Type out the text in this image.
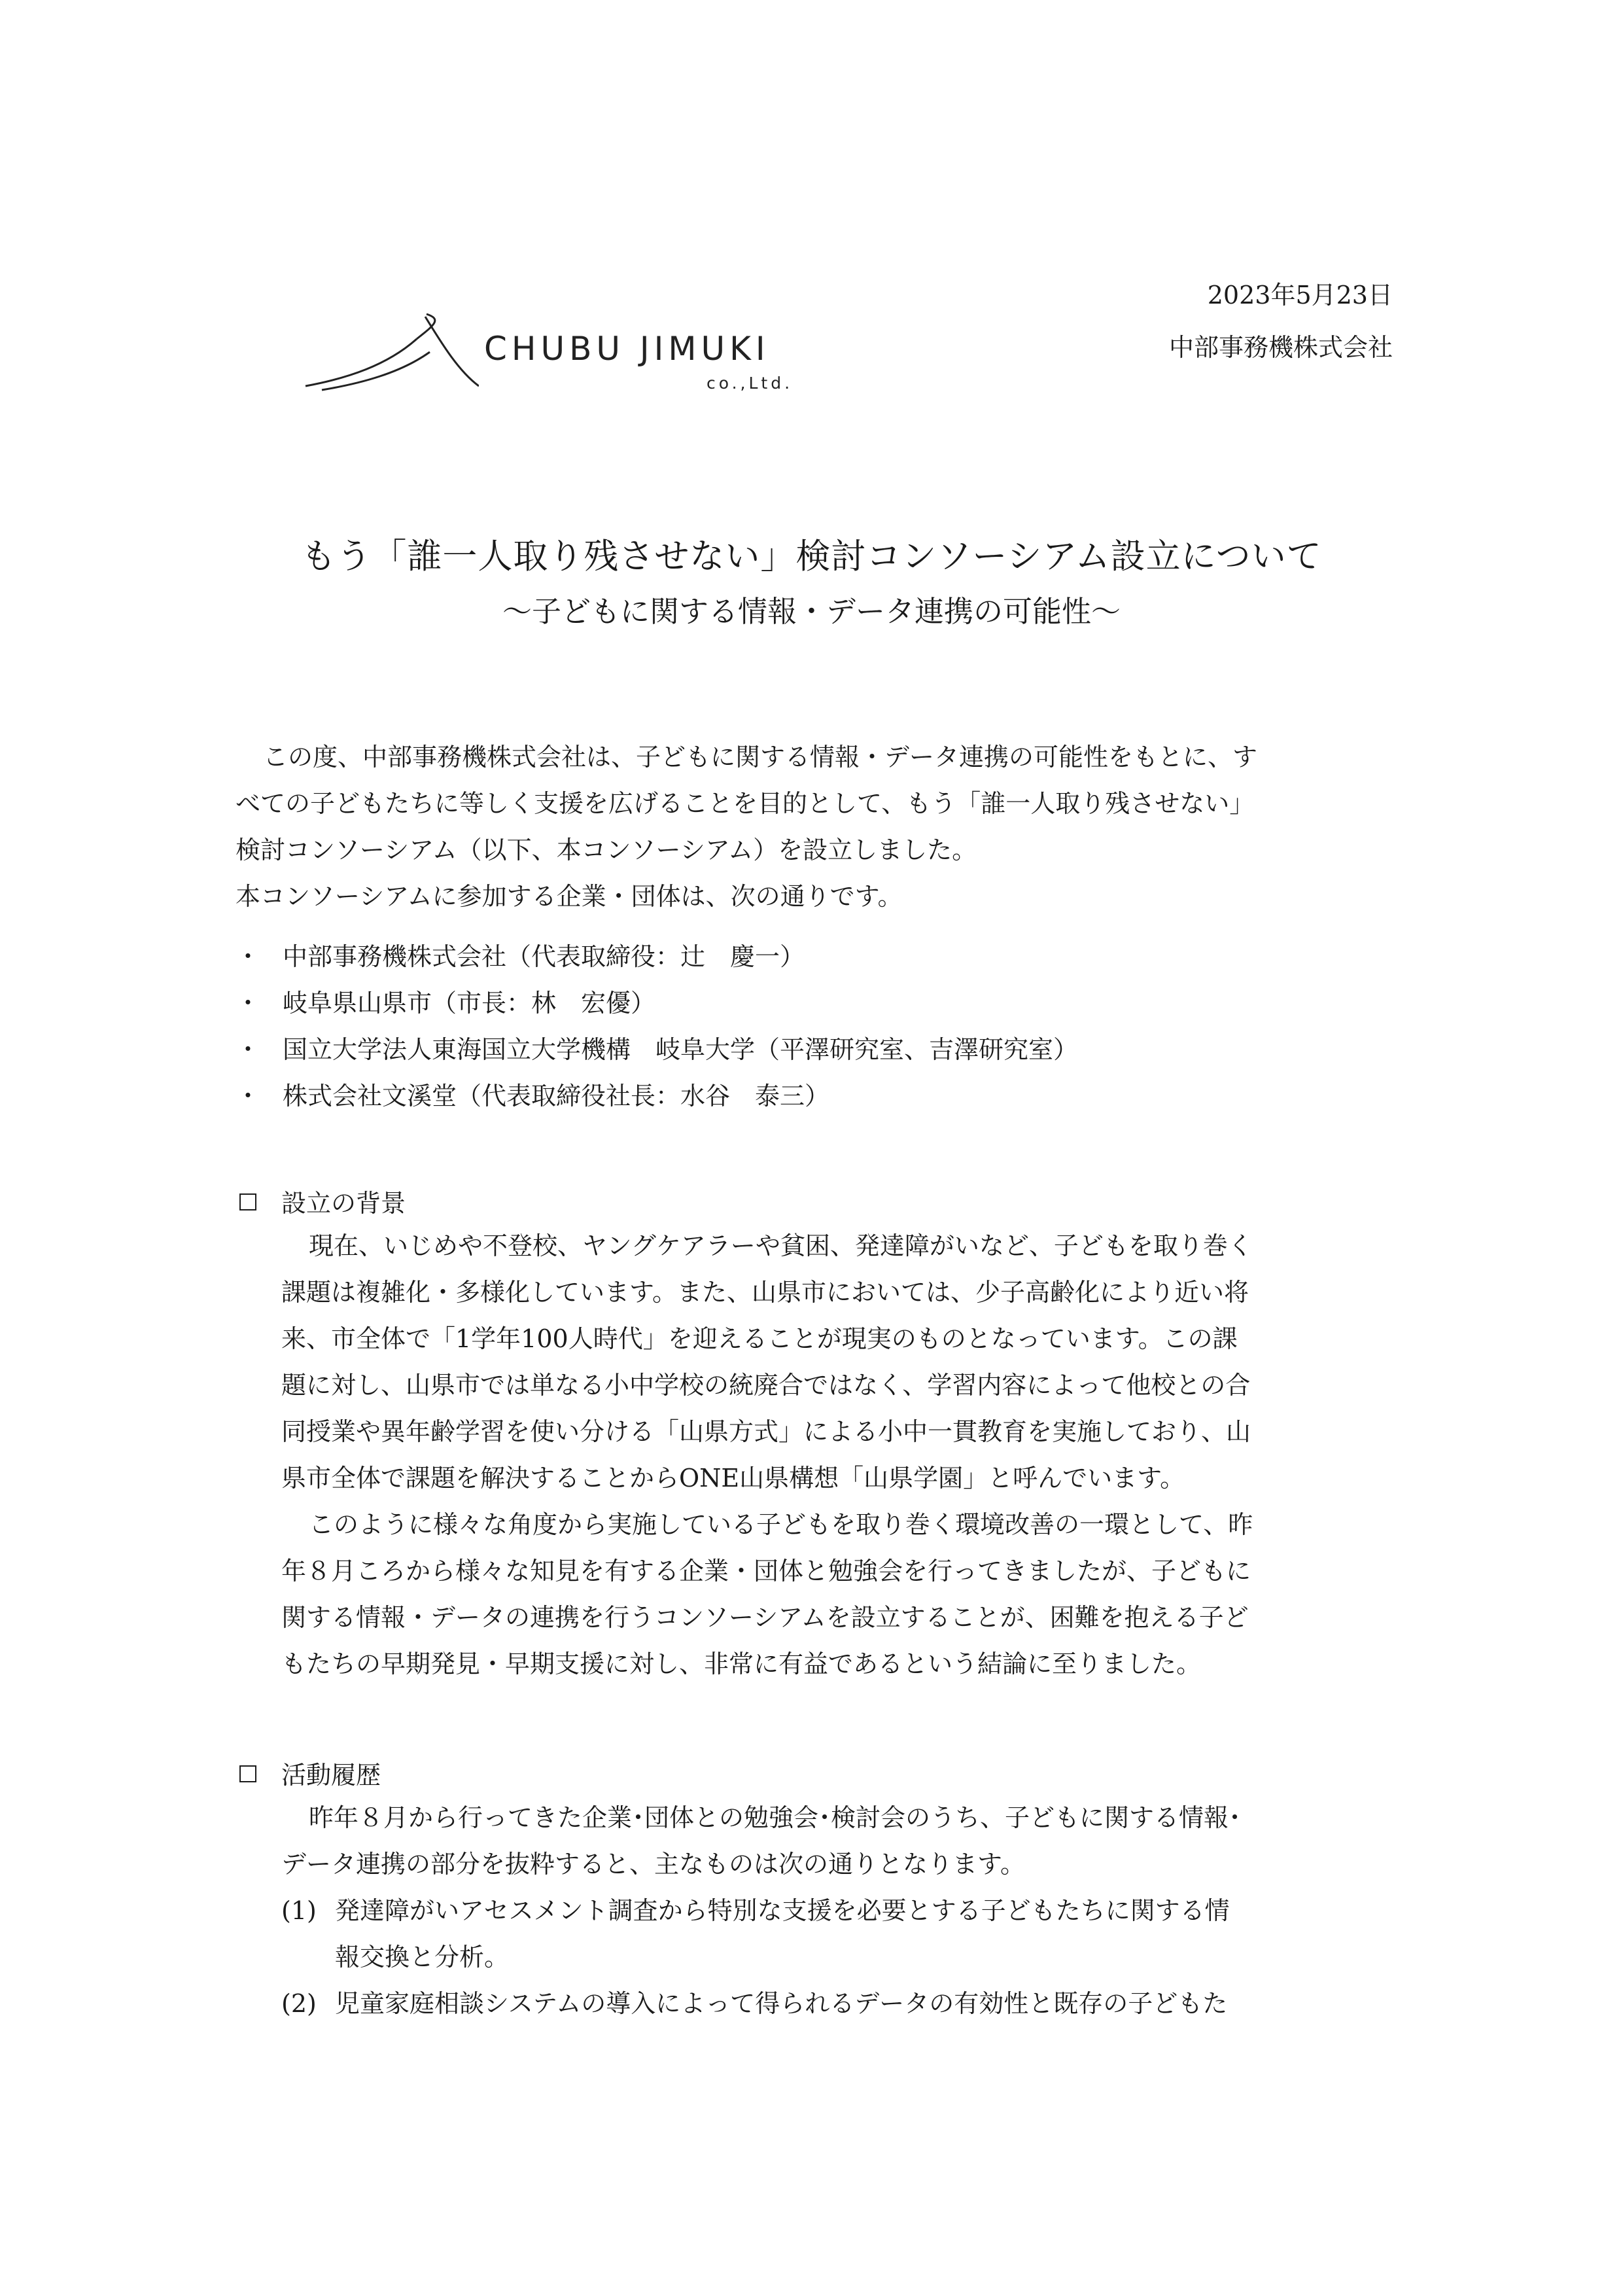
CHUBU JIMUKI
co.,Ltd.

2023年5月23日

中部事務機株式会社

もう「誰一人取り残させない」検討コンソーシアム設立について

〜子どもに関する情報・データ連携の可能性〜

この度、中部事務機株式会社は、子どもに関する情報・データ連携の可能性をもとに、す

べての子どもたちに等しく支援を広げることを目的として、もう「誰一人取り残させない」

検討コンソーシアム（以下、本コンソーシアム）を設立しました。

本コンソーシアムに参加する企業・団体は、次の通りです。

・ 中部事務機株式会社（代表取締役：辻　慶一）

・ 岐阜県山県市（市長：林　宏優）

・ 国立大学法人東海国立大学機構　岐阜大学（平澤研究室、吉澤研究室）

・ 株式会社文溪堂（代表取締役社長：水谷　泰三）

設立の背景

現在、いじめや不登校、ヤングケアラーや貧困、発達障がいなど、子どもを取り巻く

課題は複雑化・多様化しています。また、山県市においては、少子高齢化により近い将

来、市全体で「1学年100人時代」を迎えることが現実のものとなっています。この課

題に対し、山県市では単なる小中学校の統廃合ではなく、学習内容によって他校との合

同授業や異年齢学習を使い分ける「山県方式」による小中一貫教育を実施しており、山

県市全体で課題を解決することからONE山県構想「山県学園」と呼んでいます。

このように様々な角度から実施している子どもを取り巻く環境改善の一環として、昨

年８月ころから様々な知見を有する企業・団体と勉強会を行ってきましたが、子どもに

関する情報・データの連携を行うコンソーシアムを設立することが、困難を抱える子ど

もたちの早期発見・早期支援に対し、非常に有益であるという結論に至りました。

活動履歴

昨年８月から行ってきた企業･団体との勉強会･検討会のうち、子どもに関する情報･

データ連携の部分を抜粋すると、主なものは次の通りとなります。

(1) 発達障がいアセスメント調査から特別な支援を必要とする子どもたちに関する情

報交換と分析。

(2) 児童家庭相談システムの導入によって得られるデータの有効性と既存の子どもた
